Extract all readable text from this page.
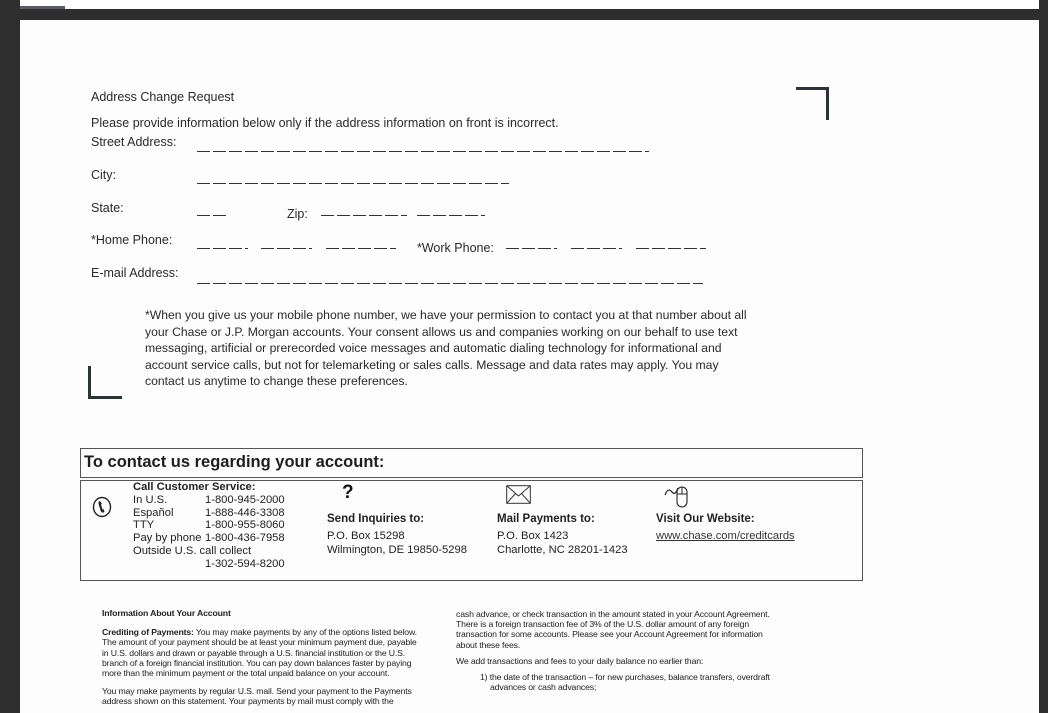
Address Change Request
Please provide information below only if the address information on front is incorrect.
Street Address:
City:
State:	Zip:
*Home Phone:
*Work Phone:
E-mail Address:
*When you give us your mobile phone number, we have your permission to contact you at that number about all
your Chase or J.P. Morgan accounts. Your consent allows us and companies working on our behalf to use text
messaging, artificial or prerecorded voice messages and automatic dialing technology for informational and
account service calls, but not for telemarketing or sales calls. Message and data rates may apply. You may
contact us anytime to change these preferences.
To contact us regarding your account:
Call Customer Service:
In U.S.	1-800-945-2000
Español	1-888-446-3308
TTY	1-800-955-8060
Pay by phone 1-800-436-7958
Outside U.S. call collect
1-302-594-8200
?
Send Inquiries to:
P.O. Box 15298
Wilmington, DE 19850-5298
Mail Payments to:
P.O. Box 1423
Charlotte, NC 28201-1423
Visit Our Website:
www.chase.com/creditcards
Information About Your Account
Crediting of Payments: You may make payments by any of the options listed below.
The amount of your payment should be at least your minimum payment due, payable
in U.S. dollars and drawn or payable through a U.S. financial institution or the U.S.
branch of a foreign financial institution. You can pay down balances faster by paying
more than the minimum payment or the total unpaid balance on your account.
You may make payments by regular U.S. mail. Send your payment to the Payments
address shown on this statement. Your payments by mail must comply with the
cash advance, or check transaction in the amount stated in your Account Agreement.
There is a foreign transaction fee of 3% of the U.S. dollar amount of any foreign
transaction for some accounts. Please see your Account Agreement for information
about these fees.
We add transactions and fees to your daily balance no earlier than:
1) the date of the transaction – for new purchases, balance transfers, overdraft
advances or cash advances;
